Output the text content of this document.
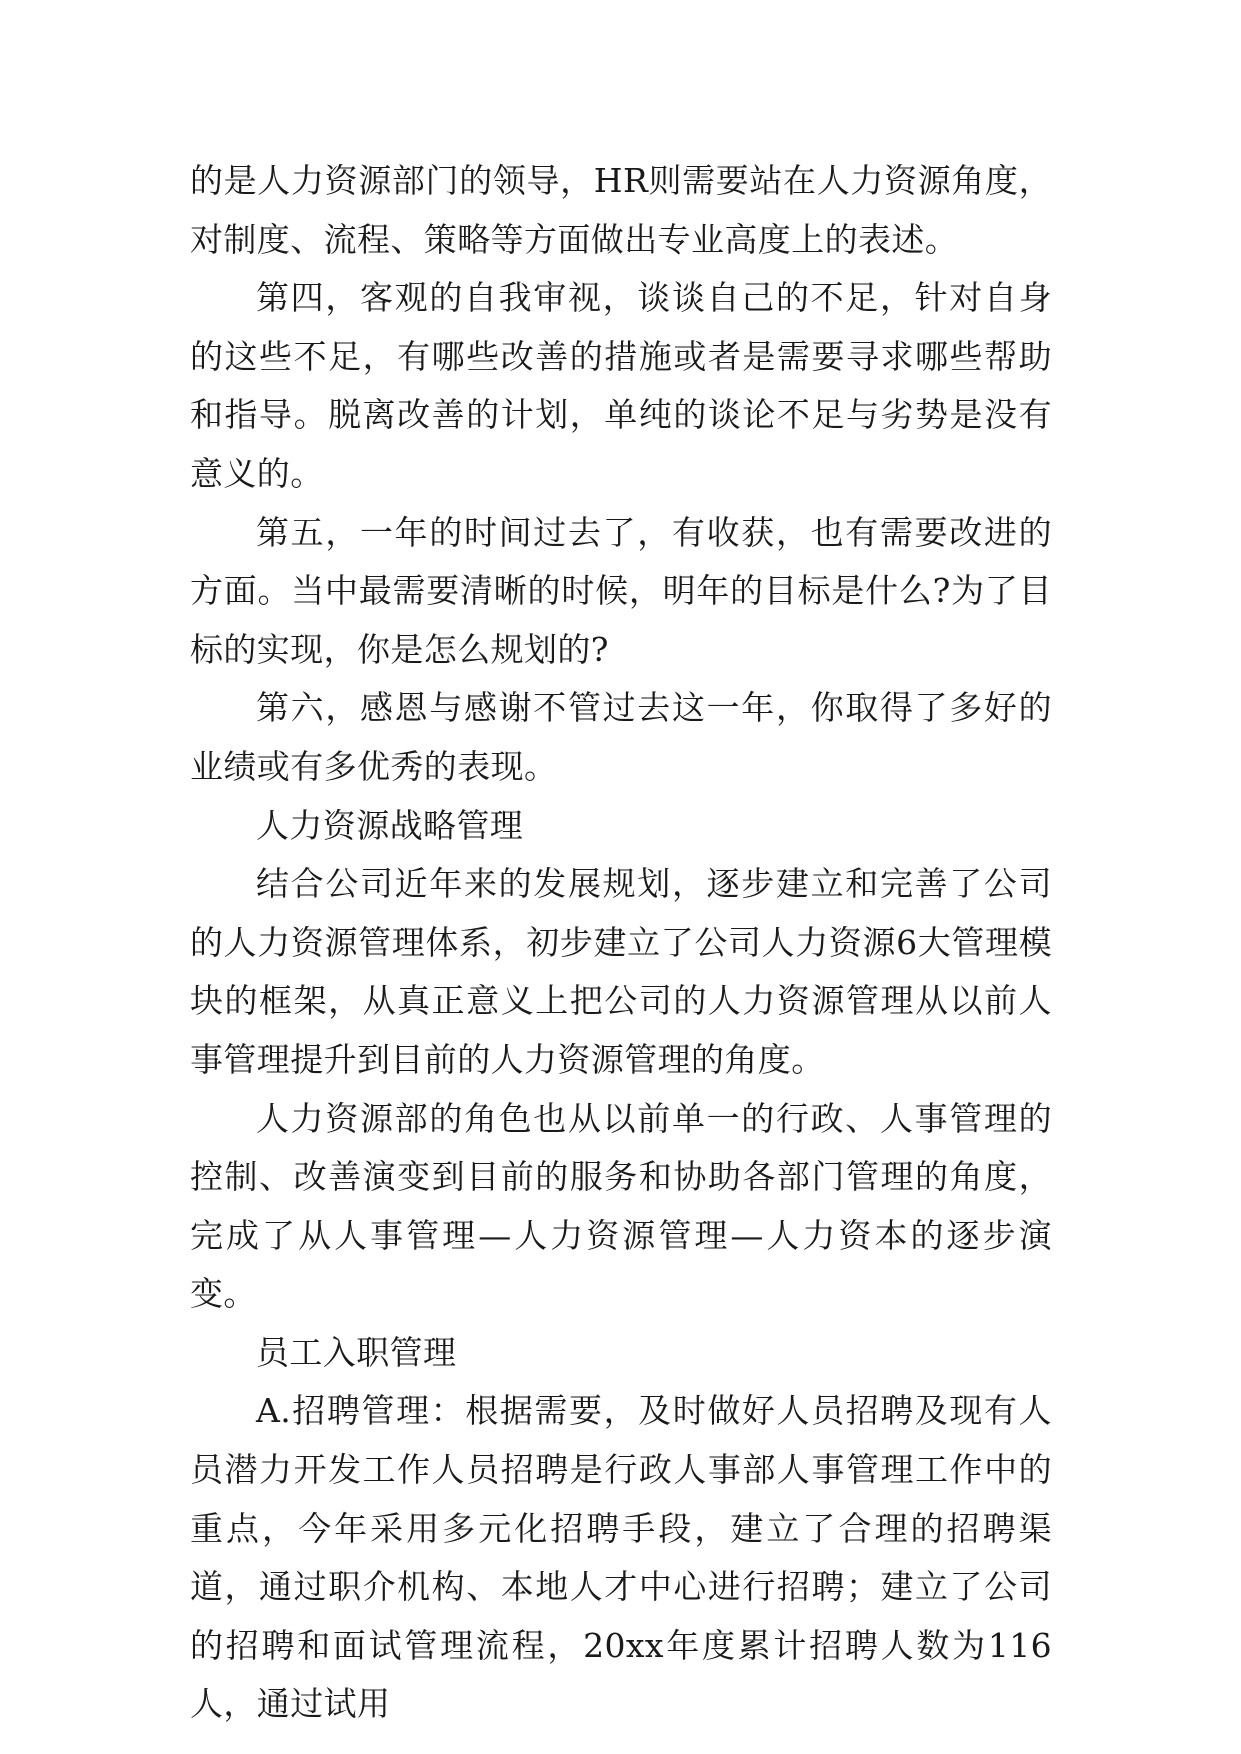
的是人力资源部门的领导，HR则需要站在人力资源角度，对制度、流程、策略等方面做出专业高度上的表述。

第四，客观的自我审视，谈谈自己的不足，针对自身的这些不足，有哪些改善的措施或者是需要寻求哪些帮助和指导。脱离改善的计划，单纯的谈论不足与劣势是没有意义的。

第五，一年的时间过去了，有收获，也有需要改进的方面。当中最需要清晰的时候，明年的目标是什么?为了目标的实现，你是怎么规划的?

第六，感恩与感谢不管过去这一年，你取得了多好的业绩或有多优秀的表现。

人力资源战略管理

结合公司近年来的发展规划，逐步建立和完善了公司的人力资源管理体系，初步建立了公司人力资源6大管理模块的框架，从真正意义上把公司的人力资源管理从以前人事管理提升到目前的人力资源管理的角度。

人力资源部的角色也从以前单一的行政、人事管理的控制、改善演变到目前的服务和协助各部门管理的角度，完成了从人事管理—人力资源管理—人力资本的逐步演变。

员工入职管理

A.招聘管理：根据需要，及时做好人员招聘及现有人员潜力开发工作人员招聘是行政人事部人事管理工作中的重点，今年采用多元化招聘手段，建立了合理的招聘渠道，通过职介机构、本地人才中心进行招聘；建立了公司的招聘和面试管理流程，20xx年度累计招聘人数为116人，通过试用
